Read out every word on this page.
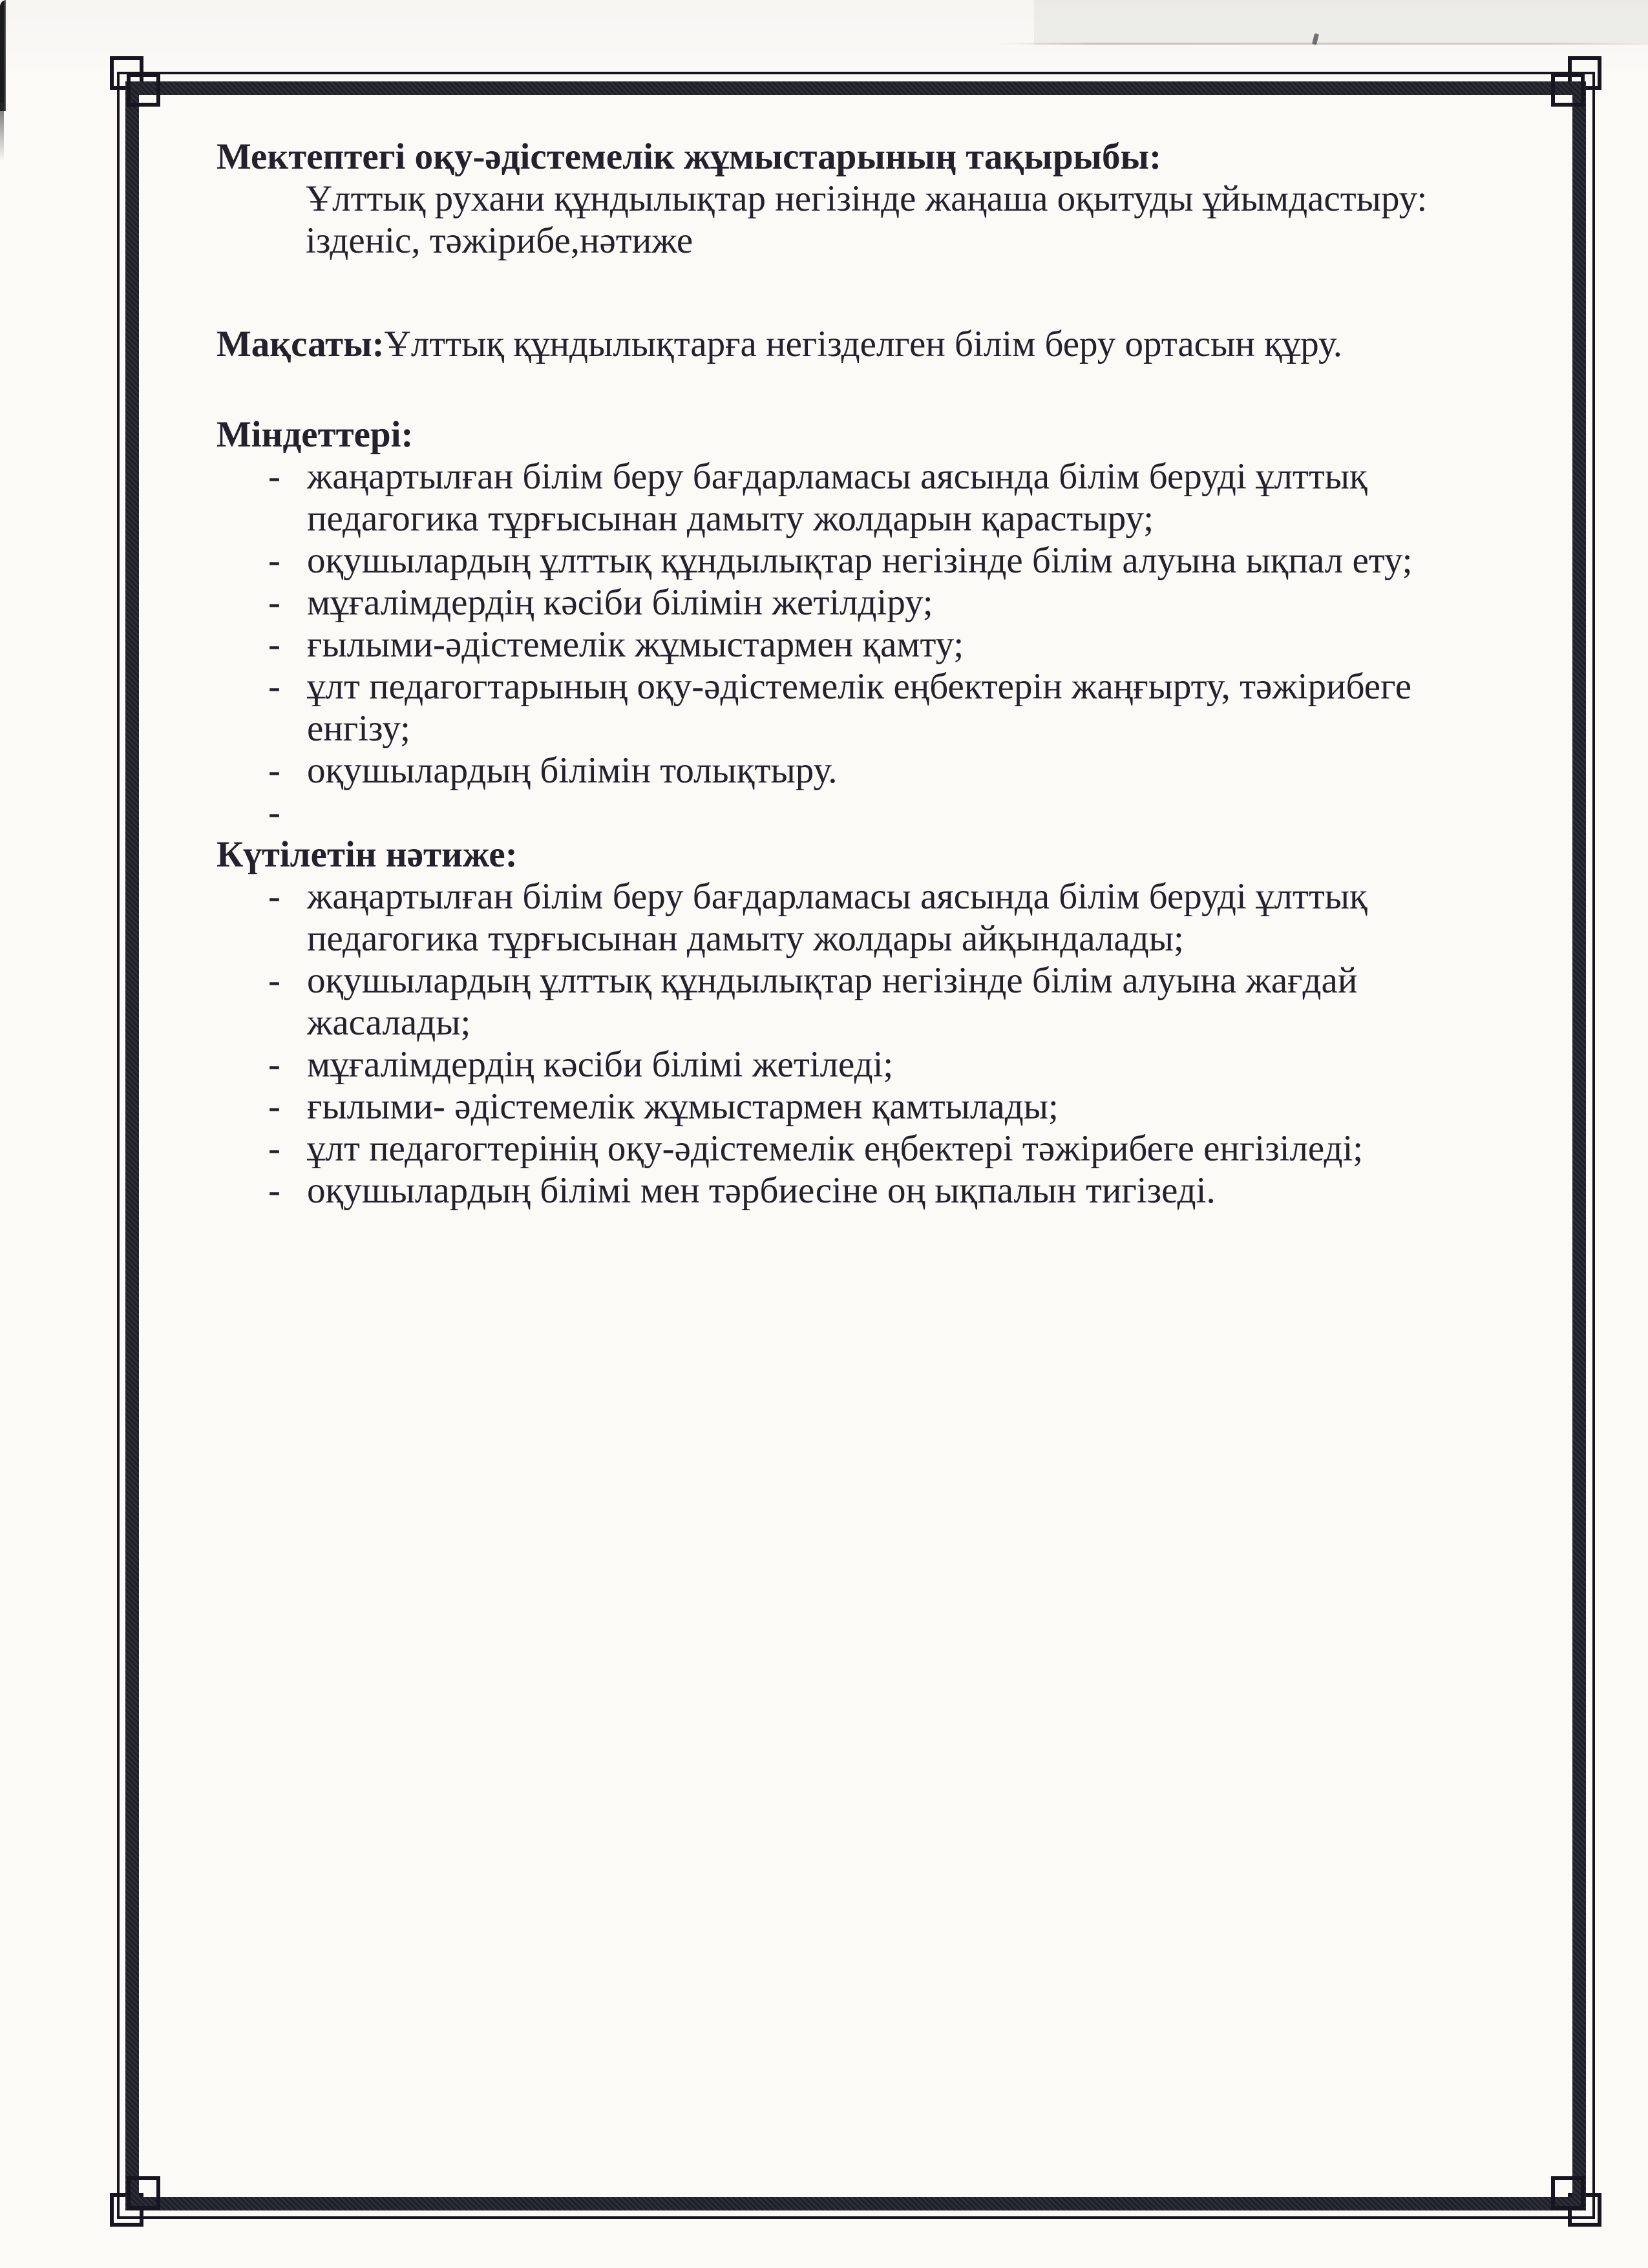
Мектептегі оқу-әдістемелік жұмыстарының тақырыбы:

Ұлттық рухани құндылықтар негізінде жаңаша оқытуды ұйымдастыру:
ізденіс, тәжірибе,нәтиже

Мақсаты:Ұлттық құндылықтарға негізделген білім беру ортасын құру.

Міндеттері:

- жаңартылған білім беру бағдарламасы аясында білім беруді ұлттық педагогика тұрғысынан дамыту жолдарын қарастыру;
- оқушылардың ұлттық құндылықтар негізінде білім алуына ықпал ету;
- мұғалімдердің кәсіби білімін жетілдіру;
- ғылыми-әдістемелік жұмыстармен қамту;
- ұлт педагогтарының оқу-әдістемелік еңбектерін жаңғырту, тәжірибеге енгізу;
- оқушылардың білімін толықтыру.
-

Күтілетін нәтиже:

- жаңартылған білім беру бағдарламасы аясында білім беруді ұлттық педагогика тұрғысынан дамыту жолдары айқындалады;
- оқушылардың ұлттық құндылықтар негізінде білім алуына жағдай жасалады;
- мұғалімдердің кәсіби білімі жетіледі;
- ғылыми- әдістемелік жұмыстармен қамтылады;
- ұлт педагогтерінің оқу-әдістемелік еңбектері тәжірибеге енгізіледі;
- оқушылардың білімі мен тәрбиесіне оң ықпалын тигізеді.
